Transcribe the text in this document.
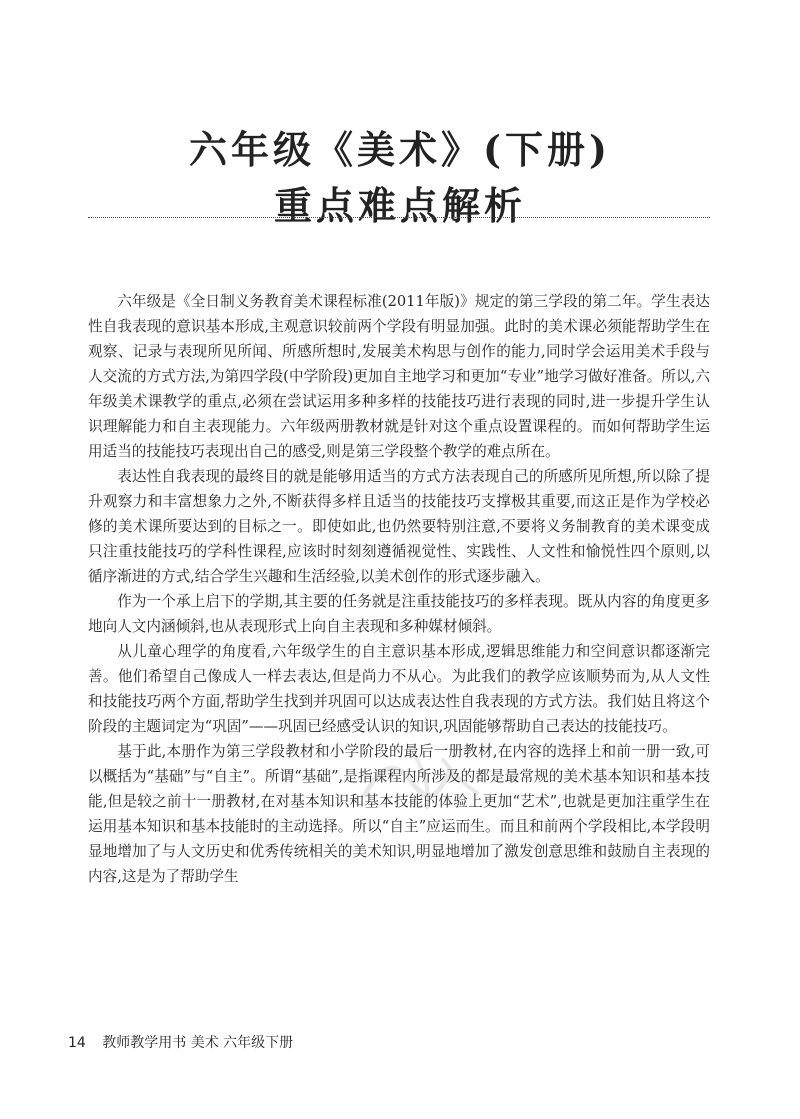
六年级《美术》(下册)
重点难点解析

六年级是《全日制义务教育美术课程标准(2011年版)》规定的第三学段的第二年。学生表达性自我表现的意识基本形成,主观意识较前两个学段有明显加强。此时的美术课必须能帮助学生在观察、记录与表现所见所闻、所感所想时,发展美术构思与创作的能力,同时学会运用美术手段与人交流的方式方法,为第四学段(中学阶段)更加自主地学习和更加“专业”地学习做好准备。所以,六年级美术课教学的重点,必须在尝试运用多种多样的技能技巧进行表现的同时,进一步提升学生认识理解能力和自主表现能力。六年级两册教材就是针对这个重点设置课程的。而如何帮助学生运用适当的技能技巧表现出自己的感受,则是第三学段整个教学的难点所在。

表达性自我表现的最终目的就是能够用适当的方式方法表现自己的所感所见所想,所以除了提升观察力和丰富想象力之外,不断获得多样且适当的技能技巧支撑极其重要,而这正是作为学校必修的美术课所要达到的目标之一。即使如此,也仍然要特别注意,不要将义务制教育的美术课变成只注重技能技巧的学科性课程,应该时时刻刻遵循视觉性、实践性、人文性和愉悦性四个原则,以循序渐进的方式,结合学生兴趣和生活经验,以美术创作的形式逐步融入。

作为一个承上启下的学期,其主要的任务就是注重技能技巧的多样表现。既从内容的角度更多地向人文内涵倾斜,也从表现形式上向自主表现和多种媒材倾斜。

从儿童心理学的角度看,六年级学生的自主意识基本形成,逻辑思维能力和空间意识都逐渐完善。他们希望自己像成人一样去表达,但是尚力不从心。为此我们的教学应该顺势而为,从人文性和技能技巧两个方面,帮助学生找到并巩固可以达成表达性自我表现的方式方法。我们姑且将这个阶段的主题词定为“巩固”——巩固已经感受认识的知识,巩固能够帮助自己表达的技能技巧。

基于此,本册作为第三学段教材和小学阶段的最后一册教材,在内容的选择上和前一册一致,可以概括为“基础”与“自主”。所谓“基础”,是指课程内所涉及的都是最常规的美术基本知识和基本技能,但是较之前十一册教材,在对基本知识和基本技能的体验上更加“艺术”,也就是更加注重学生在运用基本知识和基本技能时的主动选择。所以“自主”应运而生。而且和前两个学段相比,本学段明显地增加了与人文历史和优秀传统相关的美术知识,明显地增加了激发创意思维和鼓励自主表现的内容,这是为了帮助学生

14 教师教学用书 美术 六年级下册
